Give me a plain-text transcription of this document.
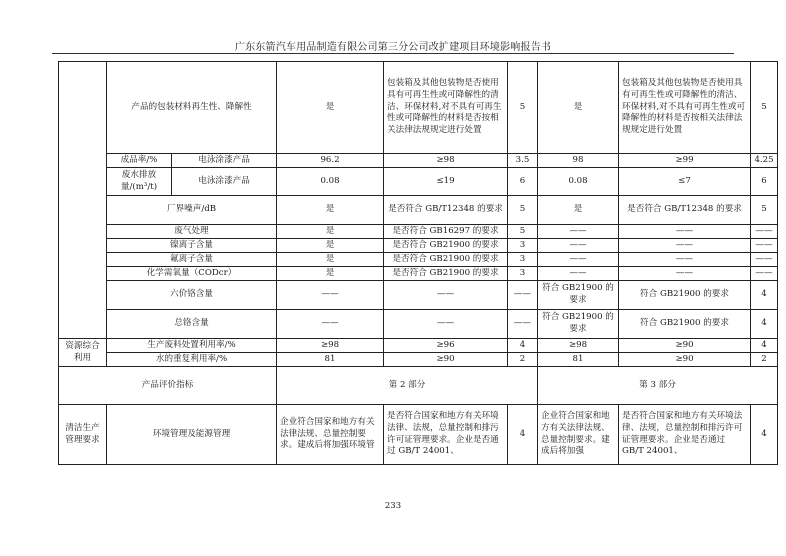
广东东箭汽车用品制造有限公司第三分公司改扩建项目环境影响报告书
	产品的包装材料再生性、降解性		是	包装箱及其他包装物是否使用具有可再生性或可降解性的清洁、环保材料,对不具有可再生性或可降解性的材料是否按相关法律法规规定进行处置	5	是	包装箱及其他包装物是否使用具有可再生性或可降解性的清洁、环保材料,对不具有可再生性或可降解性的材料是否按相关法律法规规定进行处置	5
	成品率/%	电泳涂漆产品	96.2	≥98	3.5	98	≥99	4.25
	废水排放量/(m³/t)	电泳涂漆产品	0.08	≤19	6	0.08	≤7	6
	厂界噪声/dB		是	是否符合 GB/T12348 的要求	5	是	是否符合 GB/T12348 的要求	5
	废气处理		是	是否符合 GB16297 的要求	5	——	——	——
	镍离子含量		是	是否符合 GB21900 的要求	3	——	——	——
	氟离子含量		是	是否符合 GB21900 的要求	3	——	——	——
	化学需氧量（CODcr）		是	是否符合 GB21900 的要求	3	——	——	——
	六价铬含量		——	——	——	符合 GB21900 的要求	符合 GB21900 的要求	4
	总铬含量		——	——	——	符合 GB21900 的要求	符合 GB21900 的要求	4
资源综合利用	生产废料处置利用率/%		≥98	≥96	4	≥98	≥90	4
	水的重复利用率/%		81	≥90	2	81	≥90	2
产品评价指标			第 2 部分			第 3 部分		
清洁生产管理要求	环境管理及能源管理		企业符合国家和地方有关法律法规、总量控制要求。建成后将加强环境管	是否符合国家和地方有关环境法律、法规，总量控制和排污许可证管理要求。企业是否通过 GB/T 24001、	4	企业符合国家和地方有关法律法规、总量控制要求。建成后将加强	是否符合国家和地方有关环境法律、法规，总量控制和排污许可证管理要求。企业是否通过 GB/T 24001、	4
233
